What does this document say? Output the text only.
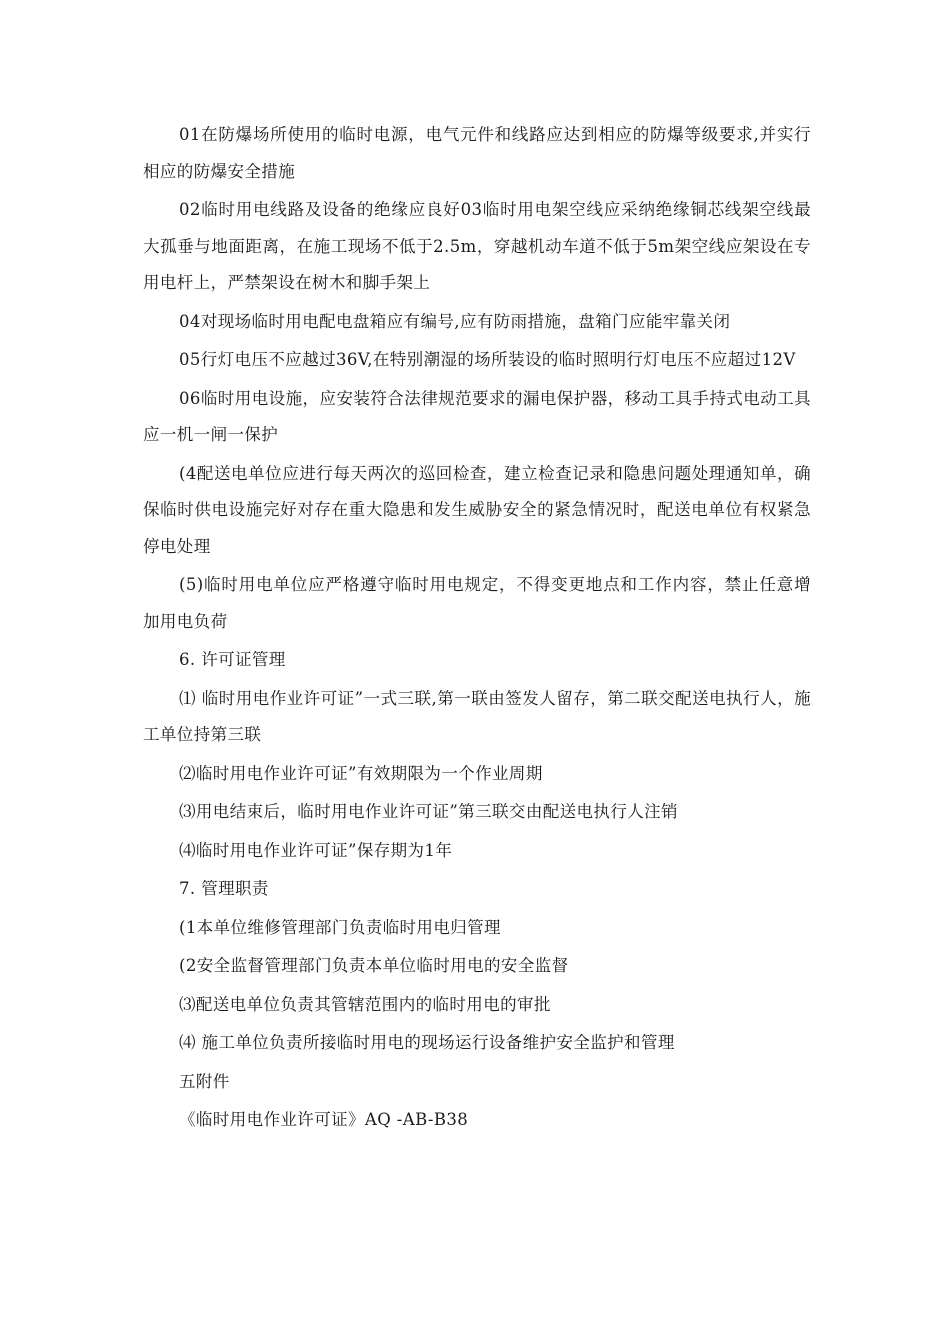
01在防爆场所使用的临时电源，电气元件和线路应达到相应的防爆等级要求,并实行相应的防爆安全措施

02临时用电线路及设备的绝缘应良好03临时用电架空线应采纳绝缘铜芯线架空线最大孤垂与地面距离，在施工现场不低于2.5m，穿越机动车道不低于5m架空线应架设在专用电杆上，严禁架设在树木和脚手架上

04对现场临时用电配电盘箱应有编号,应有防雨措施，盘箱门应能牢靠关闭

05行灯电压不应越过36V,在特别潮湿的场所装设的临时照明行灯电压不应超过12V

06临时用电设施，应安装符合法律规范要求的漏电保护器，移动工具手持式电动工具应一机一闸一保护

(4配送电单位应进行每天两次的巡回检查，建立检查记录和隐患问题处理通知单，确保临时供电设施完好对存在重大隐患和发生威胁安全的紧急情况时，配送电单位有权紧急停电处理

(5)临时用电单位应严格遵守临时用电规定，不得变更地点和工作内容，禁止任意增加用电负荷

6. 许可证管理

⑴ 临时用电作业许可证”一式三联,第一联由签发人留存，第二联交配送电执行人，施工单位持第三联

⑵临时用电作业许可证”有效期限为一个作业周期

⑶用电结束后，临时用电作业许可证”第三联交由配送电执行人注销

⑷临时用电作业许可证”保存期为1年

7. 管理职责

(1本单位维修管理部门负责临时用电归管理

(2安全监督管理部门负责本单位临时用电的安全监督

⑶配送电单位负责其管辖范围内的临时用电的审批

⑷ 施工单位负责所接临时用电的现场运行设备维护安全监护和管理

五附件

《临时用电作业许可证》AQ -AB-B38
